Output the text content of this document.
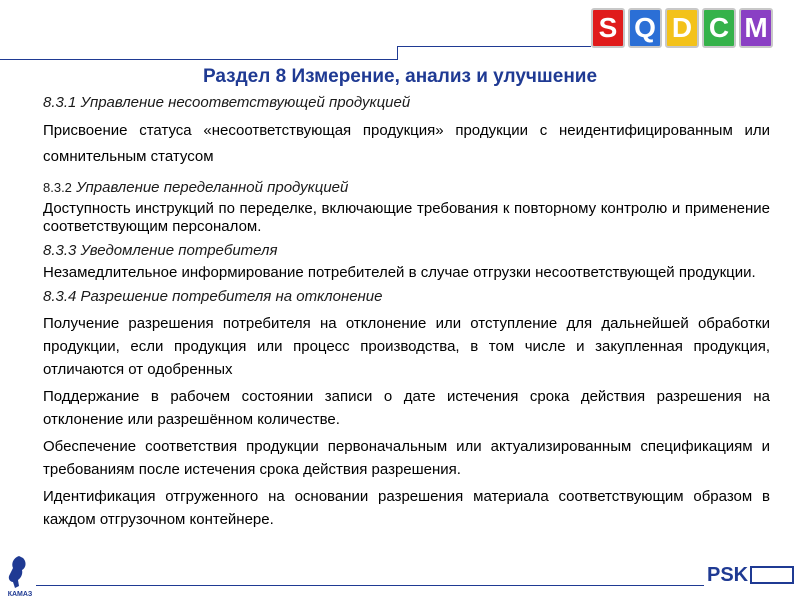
S Q D C M
Раздел 8 Измерение, анализ и улучшение
8.3.1 Управление несоответствующей продукцией
Присвоение статуса «несоответствующая продукция» продукции с неидентифицированным или сомнительным статусом
8.3.2 Управление переделанной продукцией
Доступность инструкций по переделке, включающие требования к повторному контролю и применение соответствующим персоналом.
8.3.3 Уведомление потребителя
Незамедлительное информирование потребителей в случае отгрузки несоответствующей продукции.
8.3.4 Разрешение потребителя на отклонение
Получение разрешения потребителя на отклонение или отступление для дальнейшей обработки продукции, если продукция или процесс производства, в том числе и закупленная продукция, отличаются от одобренных
Поддержание в рабочем состоянии записи о дате истечения срока действия разрешения на отклонение или разрешённом количестве.
Обеспечение соответствия продукции первоначальным или актуализированным спецификациям и требованиям после истечения срока действия разрешения.
Идентификация отгруженного на основании разрешения материала соответствующим образом в каждом отгрузочном контейнере.
КАМАЗ
PSK
